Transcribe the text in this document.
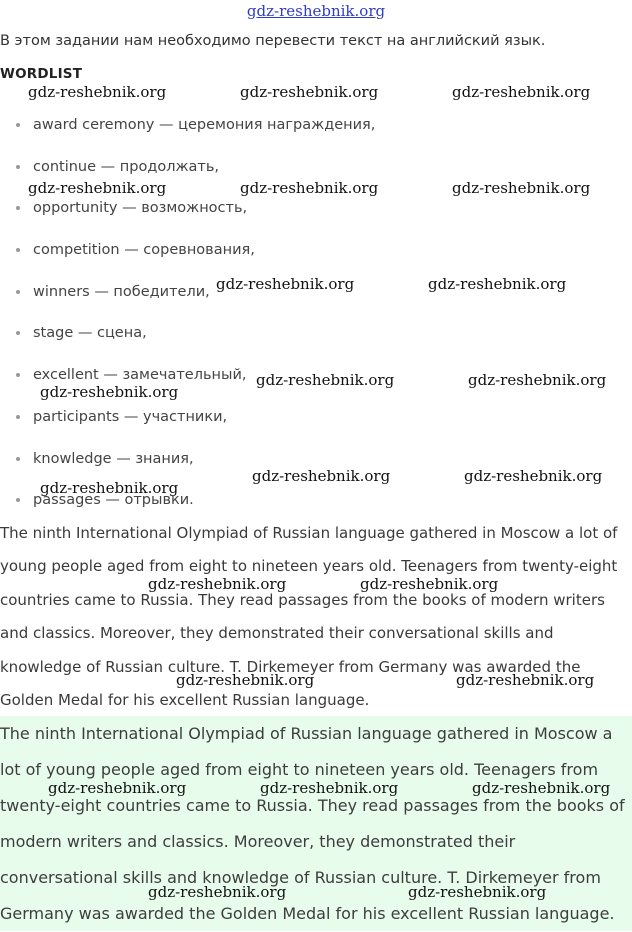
gdz-reshebnik.org
В этом задании нам необходимо перевести текст на английский язык.
WORDLIST
award ceremony — церемония награждения,
continue — продолжать,
opportunity — возможность,
competition — соревнования,
winners — победители,
stage — сцена,
excellent — замечательный,
participants — участники,
knowledge — знания,
passages — отрывки.

The ninth International Olympiad of Russian language gathered in Moscow a lot of young people aged from eight to nineteen years old. Teenagers from twenty-eight countries came to Russia. They read passages from the books of modern writers and classics. Moreover, they demonstrated their conversational skills and knowledge of Russian culture. T. Dirkemeyer from Germany was awarded the Golden Medal for his excellent Russian language.

The ninth International Olympiad of Russian language gathered in Moscow a lot of young people aged from eight to nineteen years old. Teenagers from twenty-eight countries came to Russia. They read passages from the books of modern writers and classics. Moreover, they demonstrated their conversational skills and knowledge of Russian culture. T. Dirkemeyer from Germany was awarded the Golden Medal for his excellent Russian language.

gdz-reshebnik.org	gdz-reshebnik.org	gdz-reshebnik.org
gdz-reshebnik.org	gdz-reshebnik.org	gdz-reshebnik.org
gdz-reshebnik.org	gdz-reshebnik.org
gdz-reshebnik.org	gdz-reshebnik.org
gdz-reshebnik.org
gdz-reshebnik.org	gdz-reshebnik.org
gdz-reshebnik.org
gdz-reshebnik.org	gdz-reshebnik.org
gdz-reshebnik.org	gdz-reshebnik.org
gdz-reshebnik.org	gdz-reshebnik.org	gdz-reshebnik.org
gdz-reshebnik.org	gdz-reshebnik.org
